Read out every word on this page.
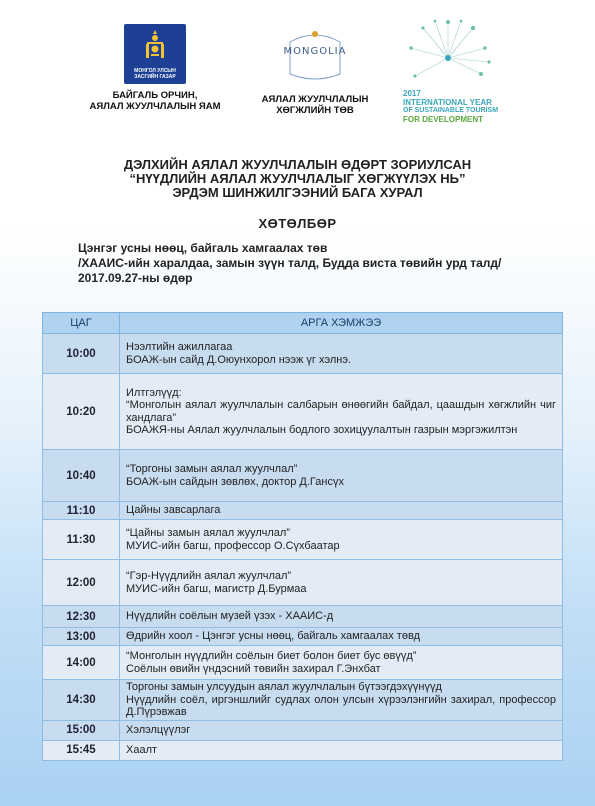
МОНГОЛ УЛСЫН ЗАСГИЙН ГАЗАР
БАЙГАЛЬ ОРЧИН,
АЯЛАЛ ЖУУЛЧЛАЛЫН ЯАМ
MONGOLIA
АЯЛАЛ ЖУУЛЧЛАЛЫН
ХӨГЖЛИЙН ТӨВ
2017
INTERNATIONAL YEAR
OF SUSTAINABLE TOURISM
FOR DEVELOPMENT
ДЭЛХИЙН АЯЛАЛ ЖУУЛЧЛАЛЫН ӨДӨРТ ЗОРИУЛСАН
“НҮҮДЛИЙН АЯЛАЛ ЖУУЛЧЛАЛЫГ ХӨГЖҮҮЛЭХ НЬ”
ЭРДЭМ ШИНЖИЛГЭЭНИЙ БАГА ХУРАЛ
ХӨТӨЛБӨР
Цэнгэг усны нөөц, байгаль хамгаалах төв
/ХААИС-ийн харалдаа, замын зүүн талд, Будда виста төвийн урд талд/
2017.09.27-ны өдөр
ЦАГ	АРГА ХЭМЖЭЭ
10:00	Нээлтийн ажиллагаа
БОАЖ-ын сайд Д.Оюунхорол нээж үг хэлнэ.

10:20	Илтгэлүүд:
“Монголын аялал жуулчлалын салбарын өнөөгийн байдал, цаашдын хөгжлийн чиг хандлага”
БОАЖЯ-ны Аялал жуулчлалын бодлого зохицуулалтын газрын мэргэжилтэн

10:40	“Торгоны замын аялал жуулчлал”
БОАЖ-ын сайдын зөвлөх, доктор Д.Гансүх

11:10	Цайны завсарлага

11:30	“Цайны замын аялал жуулчлал”
МУИС-ийн багш, профессор О.Сүхбаатар

12:00	“Гэр-Нүүдлийн аялал жуулчлал”
МУИС-ийн багш, магистр Д.Бурмаа

12:30	Нүүдлийн соёлын музей үзэх - ХААИС-д

13:00	Өдрийн хоол - Цэнгэг усны нөөц, байгаль хамгаалах төвд

14:00	“Монголын нүүдлийн соёлын биет болон биет бус өвүүд”
Соёлын өвийн үндэсний төвийн захирал Г.Энхбат

14:30	Торгоны замын улсуудын аялал жуулчлалын бүтээгдэхүүнүүд
Нүүдлийн соёл, иргэншлийг судлах олон улсын хүрээлэнгийн захирал, профессор Д.Пүрэвжав

15:00	Хэлэлцүүлэг

15:45	Хаалт
